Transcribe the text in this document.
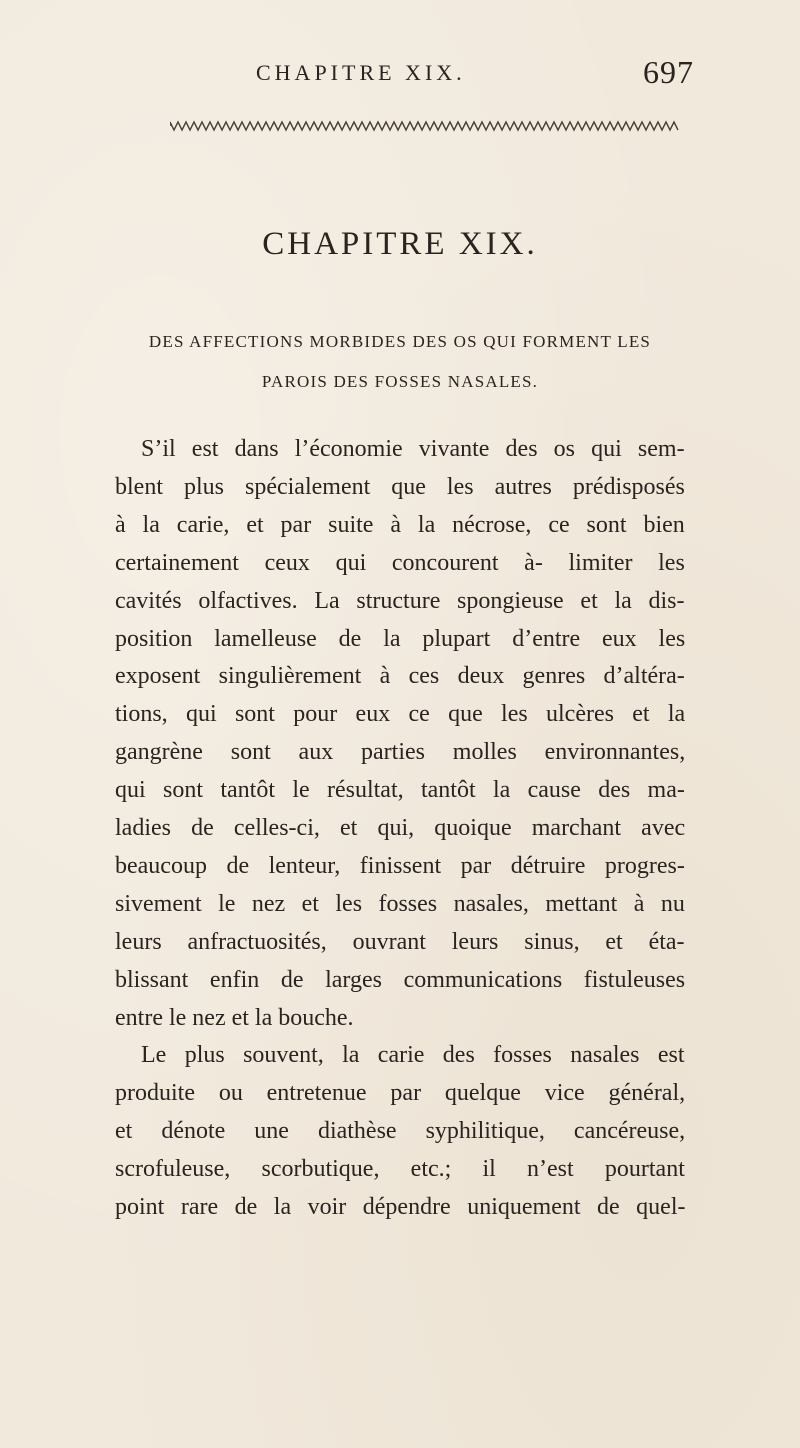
CHAPITRE XIX.	697
CHAPITRE XIX.
DES AFFECTIONS MORBIDES DES OS QUI FORMENT LES
PAROIS DES FOSSES NASALES.
S’il est dans l’économie vivante des os qui sem-
blent plus spécialement que les autres prédisposés
à la carie, et par suite à la nécrose, ce sont bien
certainement ceux qui concourent à- limiter les
cavités olfactives. La structure spongieuse et la dis-
position lamelleuse de la plupart d’entre eux les
exposent singulièrement à ces deux genres d’altéra-
tions, qui sont pour eux ce que les ulcères et la
gangrène sont aux parties molles environnantes,
qui sont tantôt le résultat, tantôt la cause des ma-
ladies de celles-ci, et qui, quoique marchant avec
beaucoup de lenteur, finissent par détruire progres-
sivement le nez et les fosses nasales, mettant à nu
leurs anfractuosités, ouvrant leurs sinus, et éta-
blissant enfin de larges communications fistuleuses
entre le nez et la bouche.
Le plus souvent, la carie des fosses nasales est
produite ou entretenue par quelque vice général,
et dénote une diathèse syphilitique, cancéreuse,
scrofuleuse, scorbutique, etc.; il n’est pourtant
point rare de la voir dépendre uniquement de quel-
